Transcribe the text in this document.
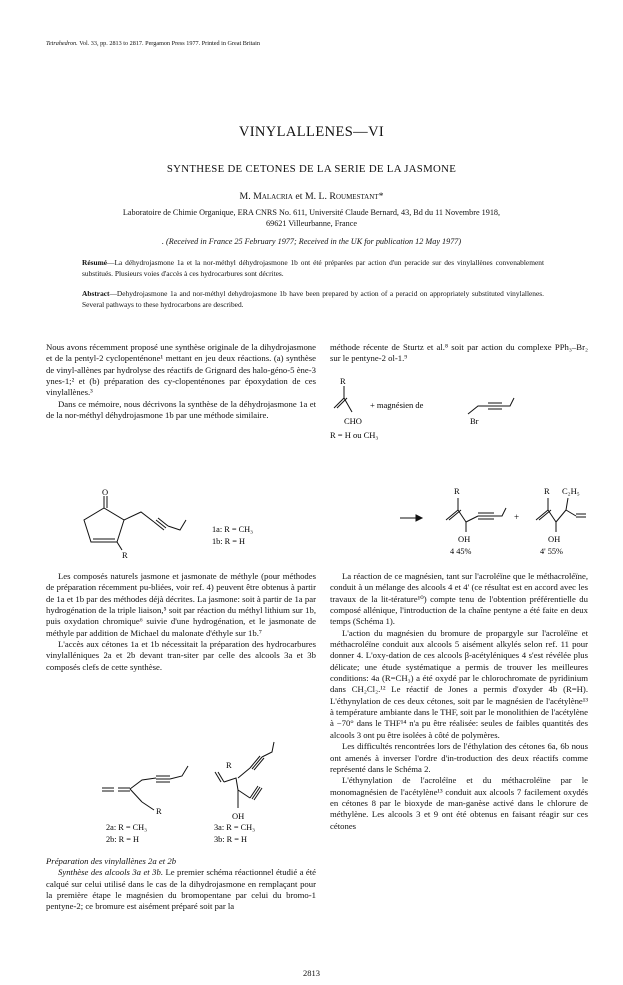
Tetrahedron. Vol. 33, pp. 2813 to 2817. Pergamon Press 1977. Printed in Great Britain
VINYLALLENES—VI
SYNTHESE DE CETONES DE LA SERIE DE LA JASMONE
M. Malacria et M. L. Roumestant*
Laboratoire de Chimie Organique, ERA CNRS No. 611, Université Claude Bernard, 43, Bd du 11 Novembre 1918,
69621 Villeurbanne, France
. (Received in France 25 February 1977; Received in the UK for publication 12 May 1977)
Résumé—La déhydrojasmone 1a et la nor-méthyl déhydrojasmone 1b ont été préparées par action d'un peracide sur des vinylallènes convenablement substitués. Plusieurs voies d'accès à ces hydrocarbures sont décrites.
Abstract—Dehydrojasmone 1a and nor-méthyl dehydrojasmone 1b have been prepared by action of a peracid on appropriately substituted vinylallenes. Several pathways to these hydrocarbons are described.

Nous avons récemment proposé une synthèse originale de la dihydrojasmone et de la pentyl-2 cyclopenténone¹ mettant en jeu deux réactions. (a) synthèse de vinyl-allènes par hydrolyse des réactifs de Grignard des halo-géno-5 ène-3 ynes-1;² et (b) préparation des cy-clopenténones par époxydation de ces vinylallènes.³

Dans ce mémoire, nous décrivons la synthèse de la déhydrojasmone 1a et de la nor-méthyl déhydrojasmone 1b par une méthode similaire.

O
R
1a: R = CH₃
1b: R = H

Les composés naturels jasmone et jasmonate de méthyle (pour méthodes de préparation récemment pu-bliées, voir ref. 4) peuvent être obtenus à partir de 1a et 1b par des méthodes déjà décrites. La jasmone: soit à partir de 1a par hydrogénation de la triple liaison,⁵ soit par réaction du méthyl lithium sur 1b, puis oxydation chromique⁶ suivie d'une hydrogénation, et le jasmonate de méthyle par addition de Michael du malonate d'éthyle sur 1b.⁷

L'accès aux cétones 1a et 1b nécessitait la préparation des hydrocarbures vinylalléniques 2a et 2b devant tran-siter par celle des alcools 3a et 3b composés clefs de cette synthèse.

R
2a: R = CH₃
2b: R = H
R
OH
3a: R = CH₃
3b: R = H
Préparation des vinylallènes 2a et 2b

Synthèse des alcools 3a et 3b. Le premier schéma réactionnel étudié a été calqué sur celui utilisé dans le cas de la dihydrojasmone en remplaçant pour la première étape le magnésien du bromopentane par celui du bromo-1 pentyne-2; ce bromure est aisément préparé soit par la

méthode récente de Sturtz et al.⁸ soit par action du complexe PPh₃–Br₂ sur le pentyne-2 ol-1.⁹

R
+ magnésien de
CHO	Br
R = H ou CH₃
R
OH
+
R C₂H₅
OH
4 45%	4' 55%

La réaction de ce magnésien, tant sur l'acroléïne que le méthacroléïne, conduit à un mélange des alcools 4 et 4' (ce résultat est en accord avec les travaux de la lit-térature¹⁰) compte tenu de l'obtention préférentielle du composé allénique, l'introduction de la chaîne pentyne a été faite en deux temps (Schéma 1).

L'action du magnésien du bromure de propargyle sur l'acroléïne et méthacroléïne conduit aux alcools 5 aisément alkylés selon ref. 11 pour donner 4. L'oxy-dation de ces alcools β-acétyléniques 4 s'est révélée plus délicate; une étude systématique a permis de trouver les meilleures conditions: 4a (R=CH₃) a été oxydé par le chlorochromate de pyridinium dans CH₂Cl₂.¹² Le réactif de Jones a permis d'oxyder 4b (R=H). L'éthynylation de ces deux cétones, soit par le magnésien de l'acétylène¹³ à température ambiante dans le THF, soit par le monolithien de l'acétylène à −70° dans le THF¹⁴ n'a pu être réalisée: seules de faibles quantités des alcools 3 ont pu être isolées à côté de polymères.

Les difficultés rencontrées lors de l'éthylation des cétones 6a, 6b nous ont amenés à inverser l'ordre d'in-troduction des deux réactifs comme représenté dans le Schéma 2.

L'éthynylation de l'acroléïne et du méthacroléïne par le monomagnésien de l'acétylène¹³ conduit aux alcools 7 facilement oxydés en cétones 8 par le bioxyde de man-ganèse activé dans le chlorure de méthylène. Les alcools 3 et 9 ont été obtenus en faisant réagir sur ces cétones

2813
